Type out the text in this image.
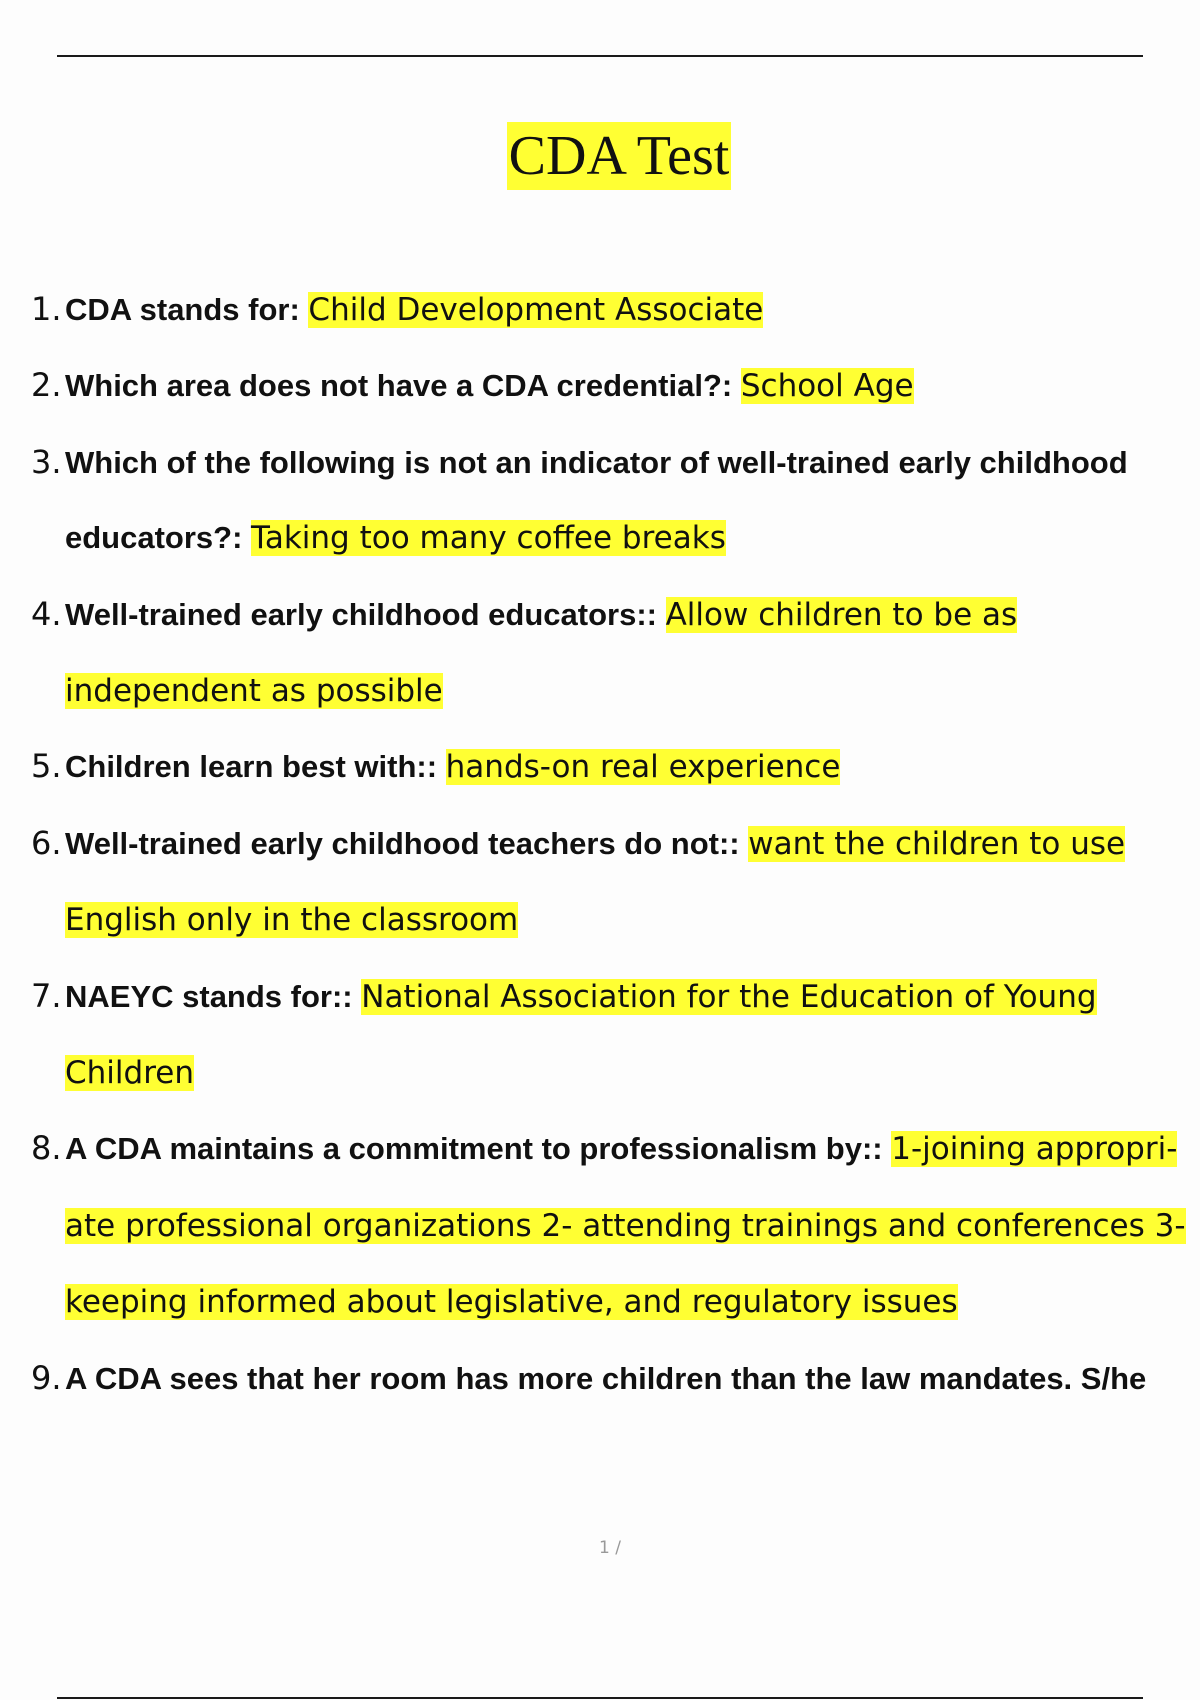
CDA Test
1. CDA stands for: Child Development Associate
2. Which area does not have a CDA credential?: School Age
3. Which of the following is not an indicator of well-trained early childhood educators?: Taking too many coffee breaks
4. Well-trained early childhood educators:: Allow children to be as independent as possible
5. Children learn best with:: hands-on real experience
6. Well-trained early childhood teachers do not:: want the children to use English only in the classroom
7. NAEYC stands for:: National Association for the Education of Young Children
8. A CDA maintains a commitment to professionalism by:: 1-joining appropri- ate professional organizations 2- attending trainings and conferences 3-keeping informed about legislative, and regulatory issues
9. A CDA sees that her room has more children than the law mandates. S/he
1 /
